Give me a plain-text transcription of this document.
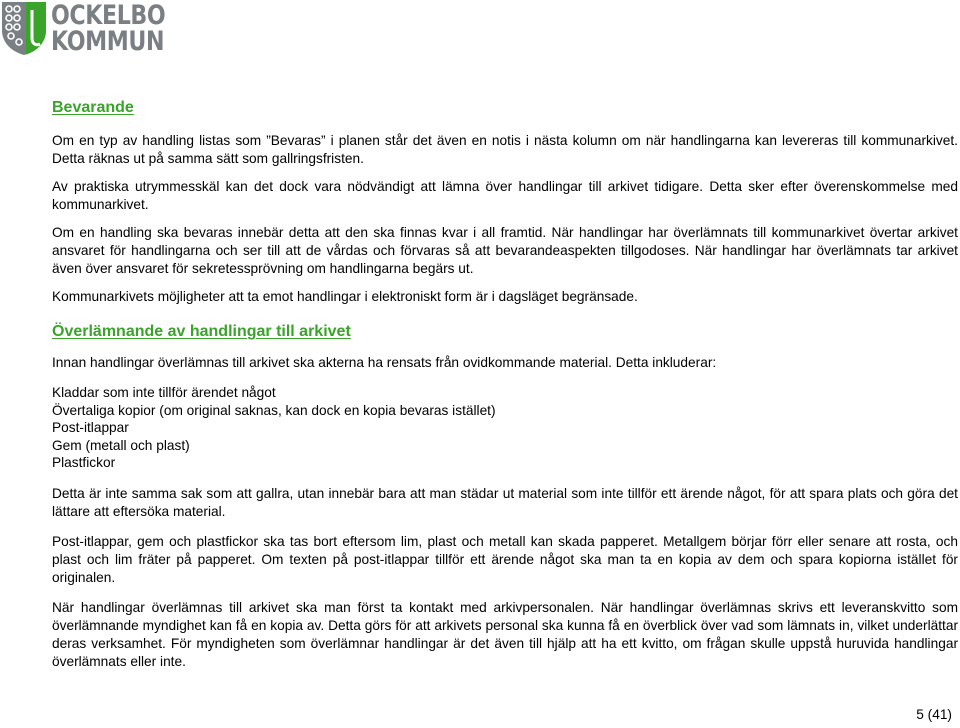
OCKELBO
KOMMUN
Bevarande

Om en typ av handling listas som ”Bevaras” i planen står det även en notis i nästa kolumn om när handlingarna kan levereras till kommunarkivet. Detta räknas ut på samma sätt som gallringsfristen.

Av praktiska utrymmesskäl kan det dock vara nödvändigt att lämna över handlingar till arkivet tidigare. Detta sker efter överenskommelse med kommunarkivet.

Om en handling ska bevaras innebär detta att den ska finnas kvar i all framtid. När handlingar har överlämnats till kommunarkivet övertar arkivet ansvaret för handlingarna och ser till att de vårdas och förvaras så att bevarandeaspekten tillgodoses. När handlingar har överlämnats tar arkivet även över ansvaret för sekretessprövning om handlingarna begärs ut.

Kommunarkivets möjligheter att ta emot handlingar i elektroniskt form är i dagsläget begränsade.

Överlämnande av handlingar till arkivet

Innan handlingar överlämnas till arkivet ska akterna ha rensats från ovidkommande material. Detta inkluderar:

Kladdar som inte tillför ärendet något
Övertaliga kopior (om original saknas, kan dock en kopia bevaras istället)
Post-itlappar
Gem (metall och plast)
Plastfickor

Detta är inte samma sak som att gallra, utan innebär bara att man städar ut material som inte tillför ett ärende något, för att spara plats och göra det lättare att eftersöka material.

Post-itlappar, gem och plastfickor ska tas bort eftersom lim, plast och metall kan skada papperet. Metallgem börjar förr eller senare att rosta, och plast och lim fräter på papperet. Om texten på post-itlappar tillför ett ärende något ska man ta en kopia av dem och spara kopiorna istället för originalen.

När handlingar överlämnas till arkivet ska man först ta kontakt med arkivpersonalen. När handlingar överlämnas skrivs ett leveranskvitto som överlämnande myndighet kan få en kopia av. Detta görs för att arkivets personal ska kunna få en överblick över vad som lämnats in, vilket underlättar deras verksamhet. För myndigheten som överlämnar handlingar är det även till hjälp att ha ett kvitto, om frågan skulle uppstå huruvida handlingar överlämnats eller inte.

5 (41)
